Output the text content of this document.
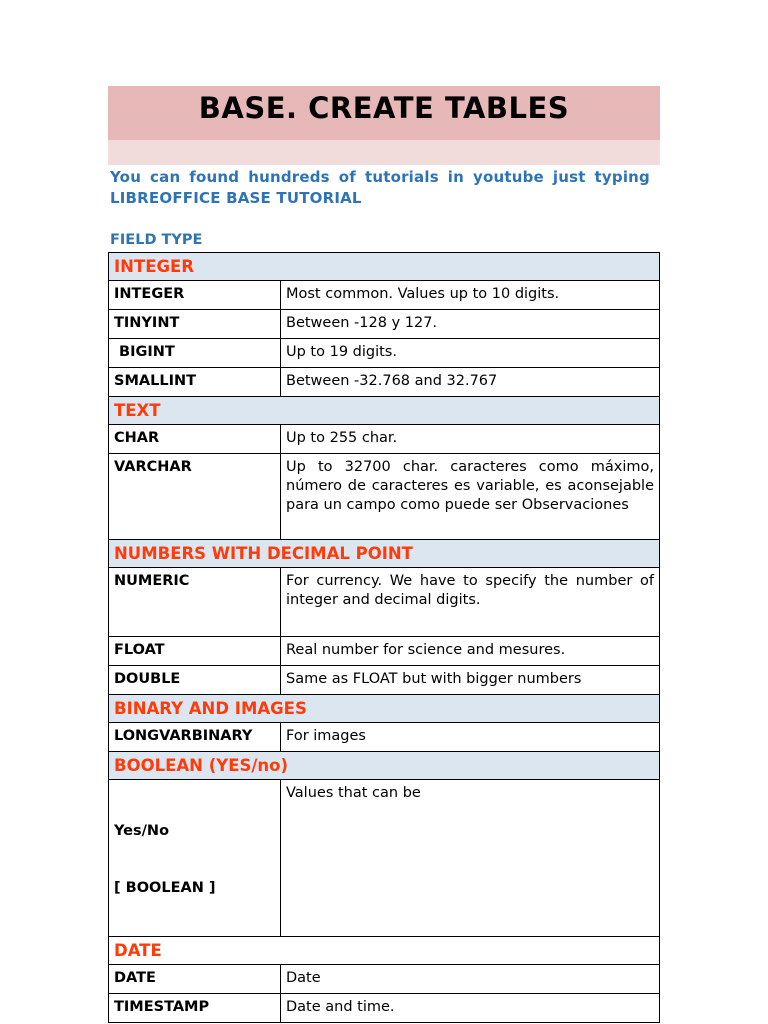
BASE. CREATE TABLES

You can found hundreds of tutorials in youtube just typing LIBREOFFICE BASE TUTORIAL

FIELD TYPE

INTEGER	
INTEGER	Most common. Values up to 10 digits.
TINYINT	Between -128 y 127.
BIGINT	Up to 19 digits.
SMALLINT	Between -32.768 and 32.767
TEXT	
CHAR	Up to 255 char.
VARCHAR	Up to 32700 char. caracteres como máximo, número de caracteres es variable, es aconsejable para un campo como puede ser Observaciones
NUMBERS WITH DECIMAL POINT	
NUMERIC	For currency. We have to specify the number of integer and decimal digits.
FLOAT	Real number for science and mesures.
DOUBLE	Same as FLOAT but with bigger numbers
BINARY AND IMAGES	
LONGVARBINARY	For images
BOOLEAN (YES/no)	

Yes/No

[ BOOLEAN ]	Values that can be
DATE	
DATE	Date
TIMESTAMP	Date and time.
